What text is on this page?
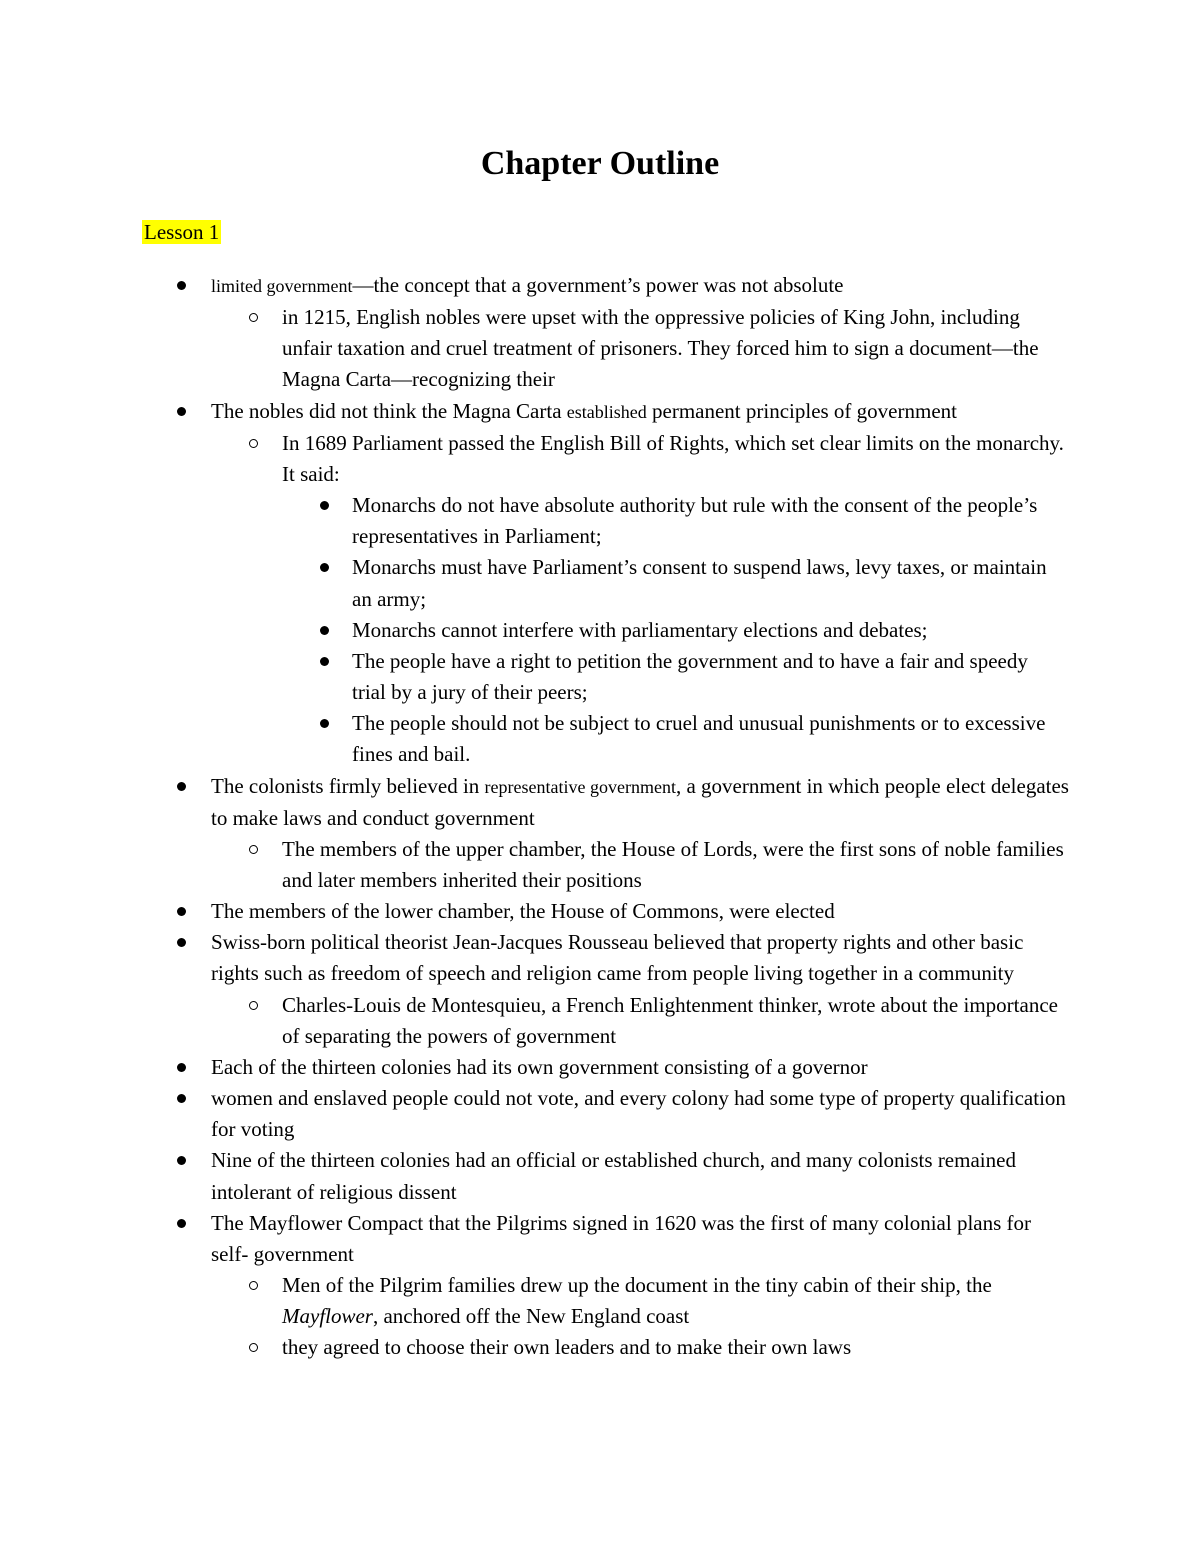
Chapter Outline

Lesson 1

limited government—the concept that a government’s power was not absolute

in 1215, English nobles were upset with the oppressive policies of King John, including unfair taxation and cruel treatment of prisoners. They forced him to sign a document—the Magna Carta—recognizing their

The nobles did not think the Magna Carta established permanent principles of government

In 1689 Parliament passed the English Bill of Rights, which set clear limits on the monarchy. It said:

Monarchs do not have absolute authority but rule with the consent of the people’s representatives in Parliament;

Monarchs must have Parliament’s consent to suspend laws, levy taxes, or maintain an army;

Monarchs cannot interfere with parliamentary elections and debates;

The people have a right to petition the government and to have a fair and speedy trial by a jury of their peers;

The people should not be subject to cruel and unusual punishments or to excessive fines and bail.

The colonists firmly believed in representative government, a government in which people elect delegates to make laws and conduct government

The members of the upper chamber, the House of Lords, were the first sons of noble families and later members inherited their positions

The members of the lower chamber, the House of Commons, were elected

Swiss-born political theorist Jean-Jacques Rousseau believed that property rights and other basic rights such as freedom of speech and religion came from people living together in a community

Charles-Louis de Montesquieu, a French Enlightenment thinker, wrote about the importance of separating the powers of government

Each of the thirteen colonies had its own government consisting of a governor

women and enslaved people could not vote, and every colony had some type of property qualification for voting

Nine of the thirteen colonies had an official or established church, and many colonists remained intolerant of religious dissent

The Mayflower Compact that the Pilgrims signed in 1620 was the first of many colonial plans for self- government

Men of the Pilgrim families drew up the document in the tiny cabin of their ship, the Mayflower, anchored off the New England coast

they agreed to choose their own leaders and to make their own laws
